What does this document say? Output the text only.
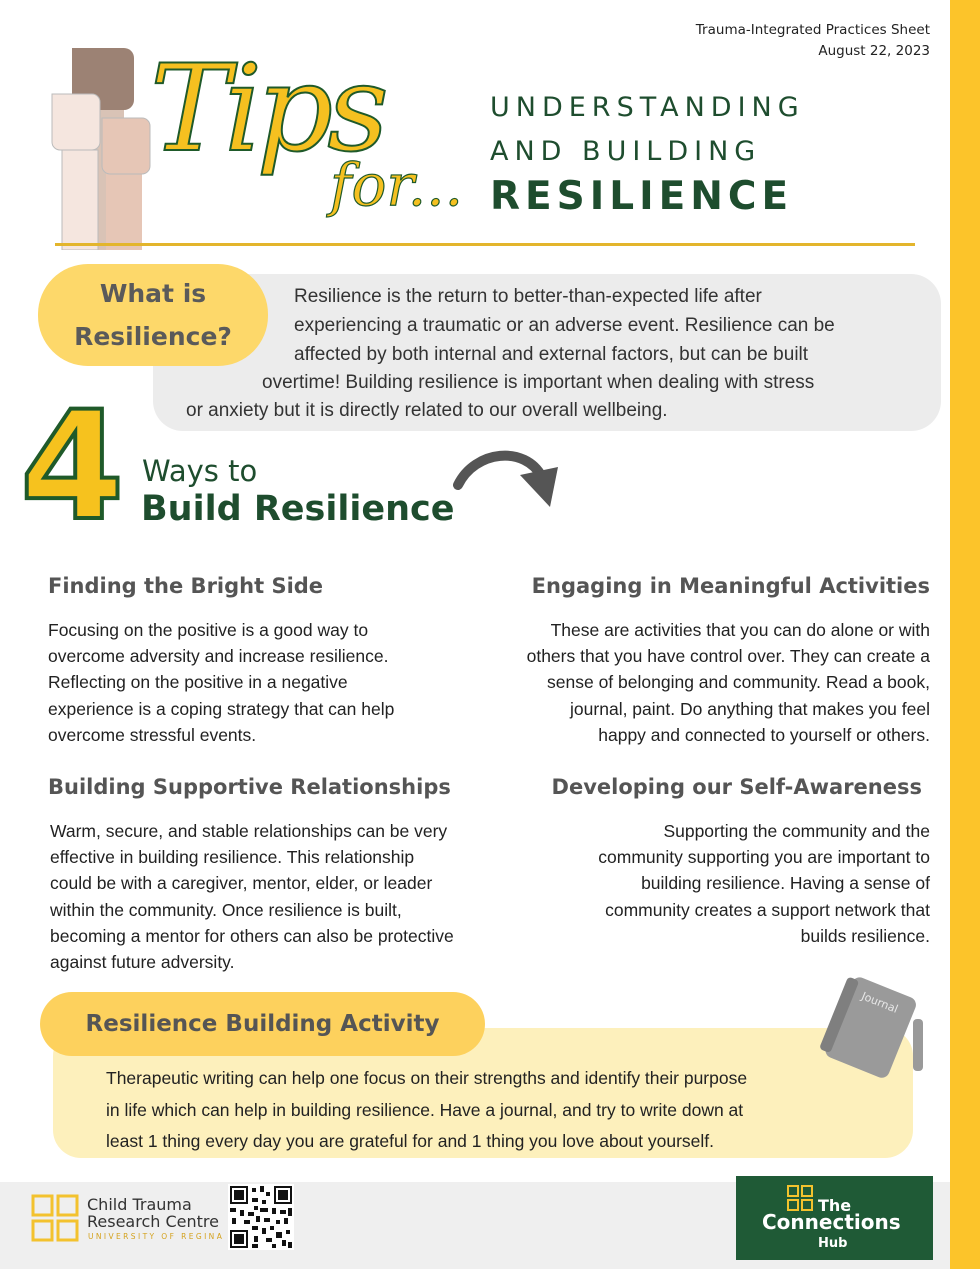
Trauma-Integrated Practices Sheet
August 22, 2023
Tips
for...
UNDERSTANDING
AND BUILDING
RESILIENCE
What is
Resilience?
Resilience is the return to better-than-expected life after
experiencing a traumatic or an adverse event. Resilience can be
affected by both internal and external factors, but can be built
overtime! Building resilience is important when dealing with stress
or anxiety but it is directly related to our overall wellbeing.
4 Ways to
Build Resilience
Finding the Bright Side
Focusing on the positive is a good way to
overcome adversity and increase resilience.
Reflecting on the positive in a negative
experience is a coping strategy that can help
overcome stressful events.
Engaging in Meaningful Activities
These are activities that you can do alone or with
others that you have control over. They can create a
sense of belonging and community. Read a book,
journal, paint. Do anything that makes you feel
happy and connected to yourself or others.
Building Supportive Relationships
Warm, secure, and stable relationships can be very
effective in building resilience. This relationship
could be with a caregiver, mentor, elder, or leader
within the community. Once resilience is built,
becoming a mentor for others can also be protective
against future adversity.
Developing our Self-Awareness
Supporting the community and the
community supporting you are important to
building resilience. Having a sense of
community creates a support network that
builds resilience.
Resilience Building Activity
Journal
Therapeutic writing can help one focus on their strengths and identify their purpose
in life which can help in building resilience. Have a journal, and try to write down at
least 1 thing every day you are grateful for and 1 thing you love about yourself.
Child Trauma
Research Centre
UNIVERSITY OF REGINA
The
Connections
Hub
